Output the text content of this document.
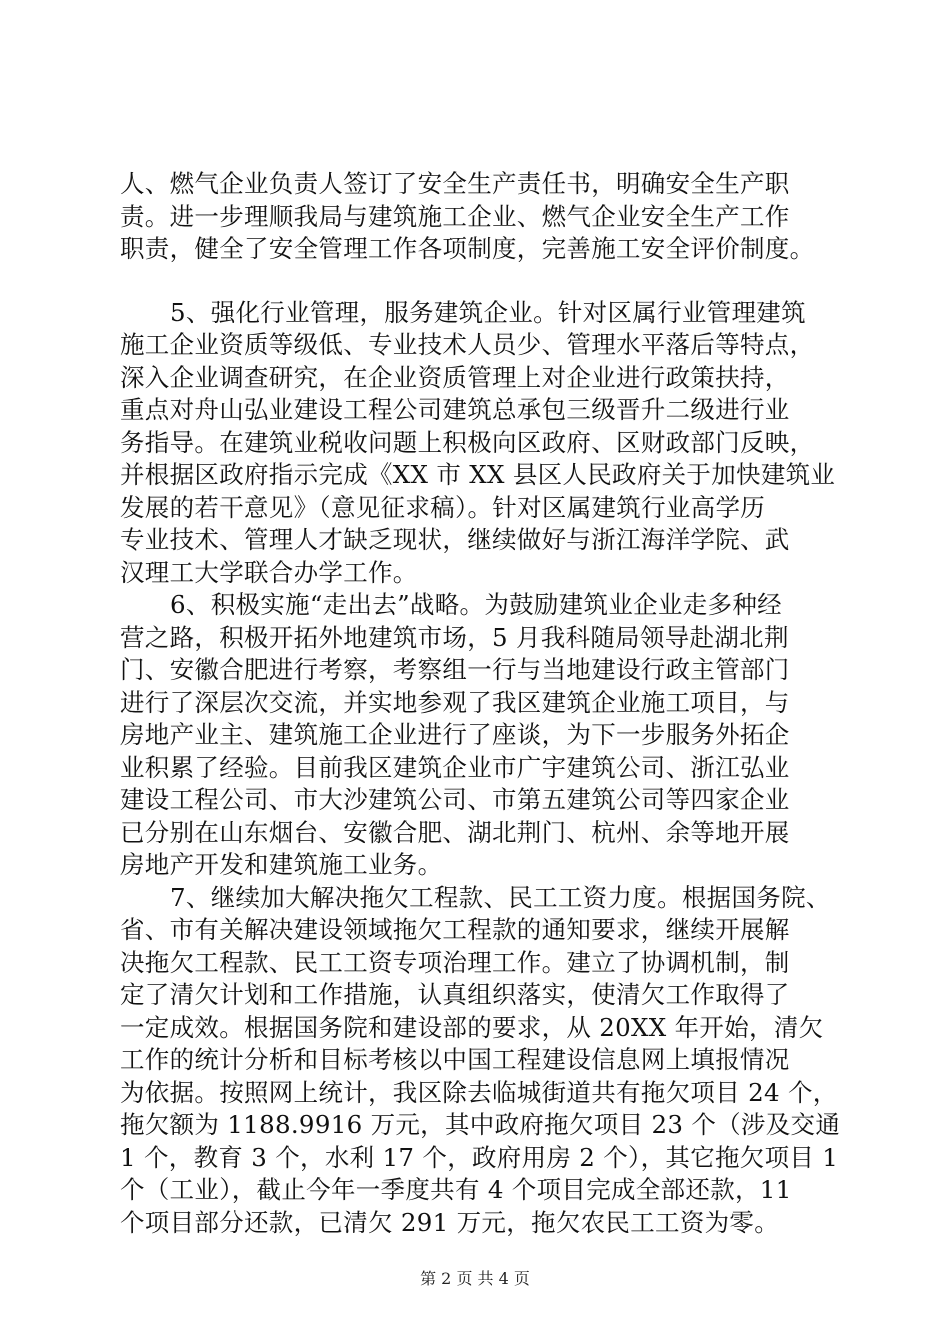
人、燃气企业负责人签订了安全生产责任书，明确安全生产职
责。进一步理顺我局与建筑施工企业、燃气企业安全生产工作
职责，健全了安全管理工作各项制度，完善施工安全评价制度。
5、强化行业管理，服务建筑企业。针对区属行业管理建筑
施工企业资质等级低、专业技术人员少、管理水平落后等特点，
深入企业调查研究，在企业资质管理上对企业进行政策扶持，
重点对舟山弘业建设工程公司建筑总承包三级晋升二级进行业
务指导。在建筑业税收问题上积极向区政府、区财政部门反映，
并根据区政府指示完成《XX 市 XX 县区人民政府关于加快建筑业
发展的若干意见》（意见征求稿）。针对区属建筑行业高学历
专业技术、管理人才缺乏现状，继续做好与浙江海洋学院、武
汉理工大学联合办学工作。
6、积极实施“走出去”战略。为鼓励建筑业企业走多种经
营之路，积极开拓外地建筑市场，5 月我科随局领导赴湖北荆
门、安徽合肥进行考察，考察组一行与当地建设行政主管部门
进行了深层次交流，并实地参观了我区建筑企业施工项目，与
房地产业主、建筑施工企业进行了座谈，为下一步服务外拓企
业积累了经验。目前我区建筑企业市广宇建筑公司、浙江弘业
建设工程公司、市大沙建筑公司、市第五建筑公司等四家企业
已分别在山东烟台、安徽合肥、湖北荆门、杭州、余等地开展
房地产开发和建筑施工业务。
7、继续加大解决拖欠工程款、民工工资力度。根据国务院、
省、市有关解决建设领域拖欠工程款的通知要求，继续开展解
决拖欠工程款、民工工资专项治理工作。建立了协调机制，制
定了清欠计划和工作措施，认真组织落实，使清欠工作取得了
一定成效。根据国务院和建设部的要求，从 20XX 年开始，清欠
工作的统计分析和目标考核以中国工程建设信息网上填报情况
为依据。按照网上统计，我区除去临城街道共有拖欠项目 24 个，
拖欠额为 1188.9916 万元，其中政府拖欠项目 23 个（涉及交通
1 个，教育 3 个，水利 17 个，政府用房 2 个），其它拖欠项目 1
个（工业），截止今年一季度共有 4 个项目完成全部还款，11
个项目部分还款，已清欠 291 万元，拖欠农民工工资为零。
第 2 页 共 4 页
